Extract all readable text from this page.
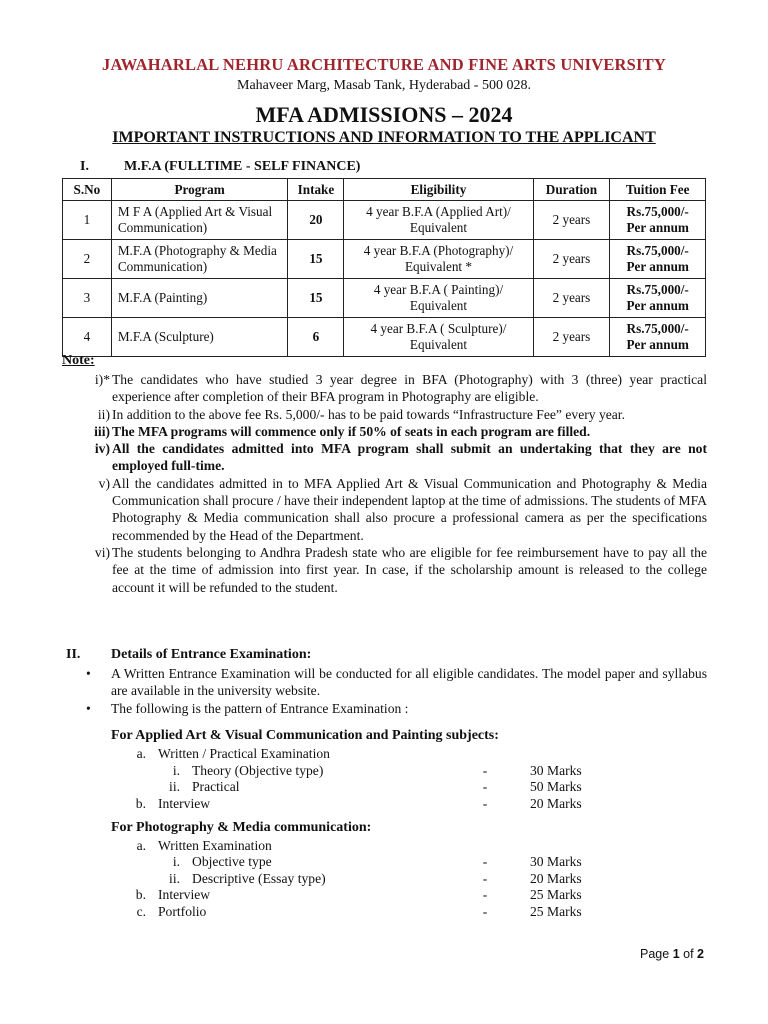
JAWAHARLAL NEHRU ARCHITECTURE AND FINE ARTS UNIVERSITY
Mahaveer Marg, Masab Tank, Hyderabad - 500 028.
MFA ADMISSIONS – 2024
IMPORTANT INSTRUCTIONS AND INFORMATION TO THE APPLICANT
I.	M.F.A (FULLTIME - SELF FINANCE)
S.No	Program	Intake	Eligibility	Duration	Tuition Fee
1	M F A (Applied Art & Visual Communication)	20	4 year B.F.A (Applied Art)/ Equivalent	2 years	Rs.75,000/-
Per annum

2	M.F.A (Photography & Media Communication)	15	4 year B.F.A (Photography)/ Equivalent *	2 years	Rs.75,000/-
Per annum

3	M.F.A (Painting)	15	4 year B.F.A ( Painting)/ Equivalent	2 years	Rs.75,000/-
Per annum

4	M.F.A (Sculpture)	6	4 year B.F.A ( Sculpture)/ Equivalent	2 years	Rs.75,000/-
Per annum
Note:

i)* The candidates who have studied 3 year degree in BFA (Photography) with 3 (three) year practical experience after completion of their BFA program in Photography are eligible.

ii) In addition to the above fee Rs. 5,000/- has to be paid towards “Infrastructure Fee” every year.

iii) The MFA programs will commence only if 50% of seats in each program are filled.

iv) All the candidates admitted into MFA program shall submit an undertaking that they are not employed full-time.

v) All the candidates admitted in to MFA Applied Art & Visual Communication and Photography & Media Communication shall procure / have their independent laptop at the time of admissions. The students of MFA Photography & Media communication shall also procure a professional camera as per the specifications recommended by the Head of the Department.

vi) The students belonging to Andhra Pradesh state who are eligible for fee reimbursement have to pay all the fee at the time of admission into first year. In case, if the scholarship amount is released to the college account it will be refunded to the student.

II. Details of Entrance Examination:
• A Written Entrance Examination will be conducted for all eligible candidates. The model paper and syllabus are available in the university website.
• The following is the pattern of Entrance Examination :
For Applied Art & Visual Communication and Painting subjects:
a. Written / Practical Examination
i. Theory (Objective type)	-	30 Marks
ii. Practical	-	50 Marks
b. Interview	-	20 Marks
For Photography & Media communication:
a. Written Examination
i. Objective type	-	30 Marks
ii. Descriptive (Essay type)	-	20 Marks
b. Interview	-	25 Marks
c. Portfolio	-	25 Marks
Page 1 of 2
